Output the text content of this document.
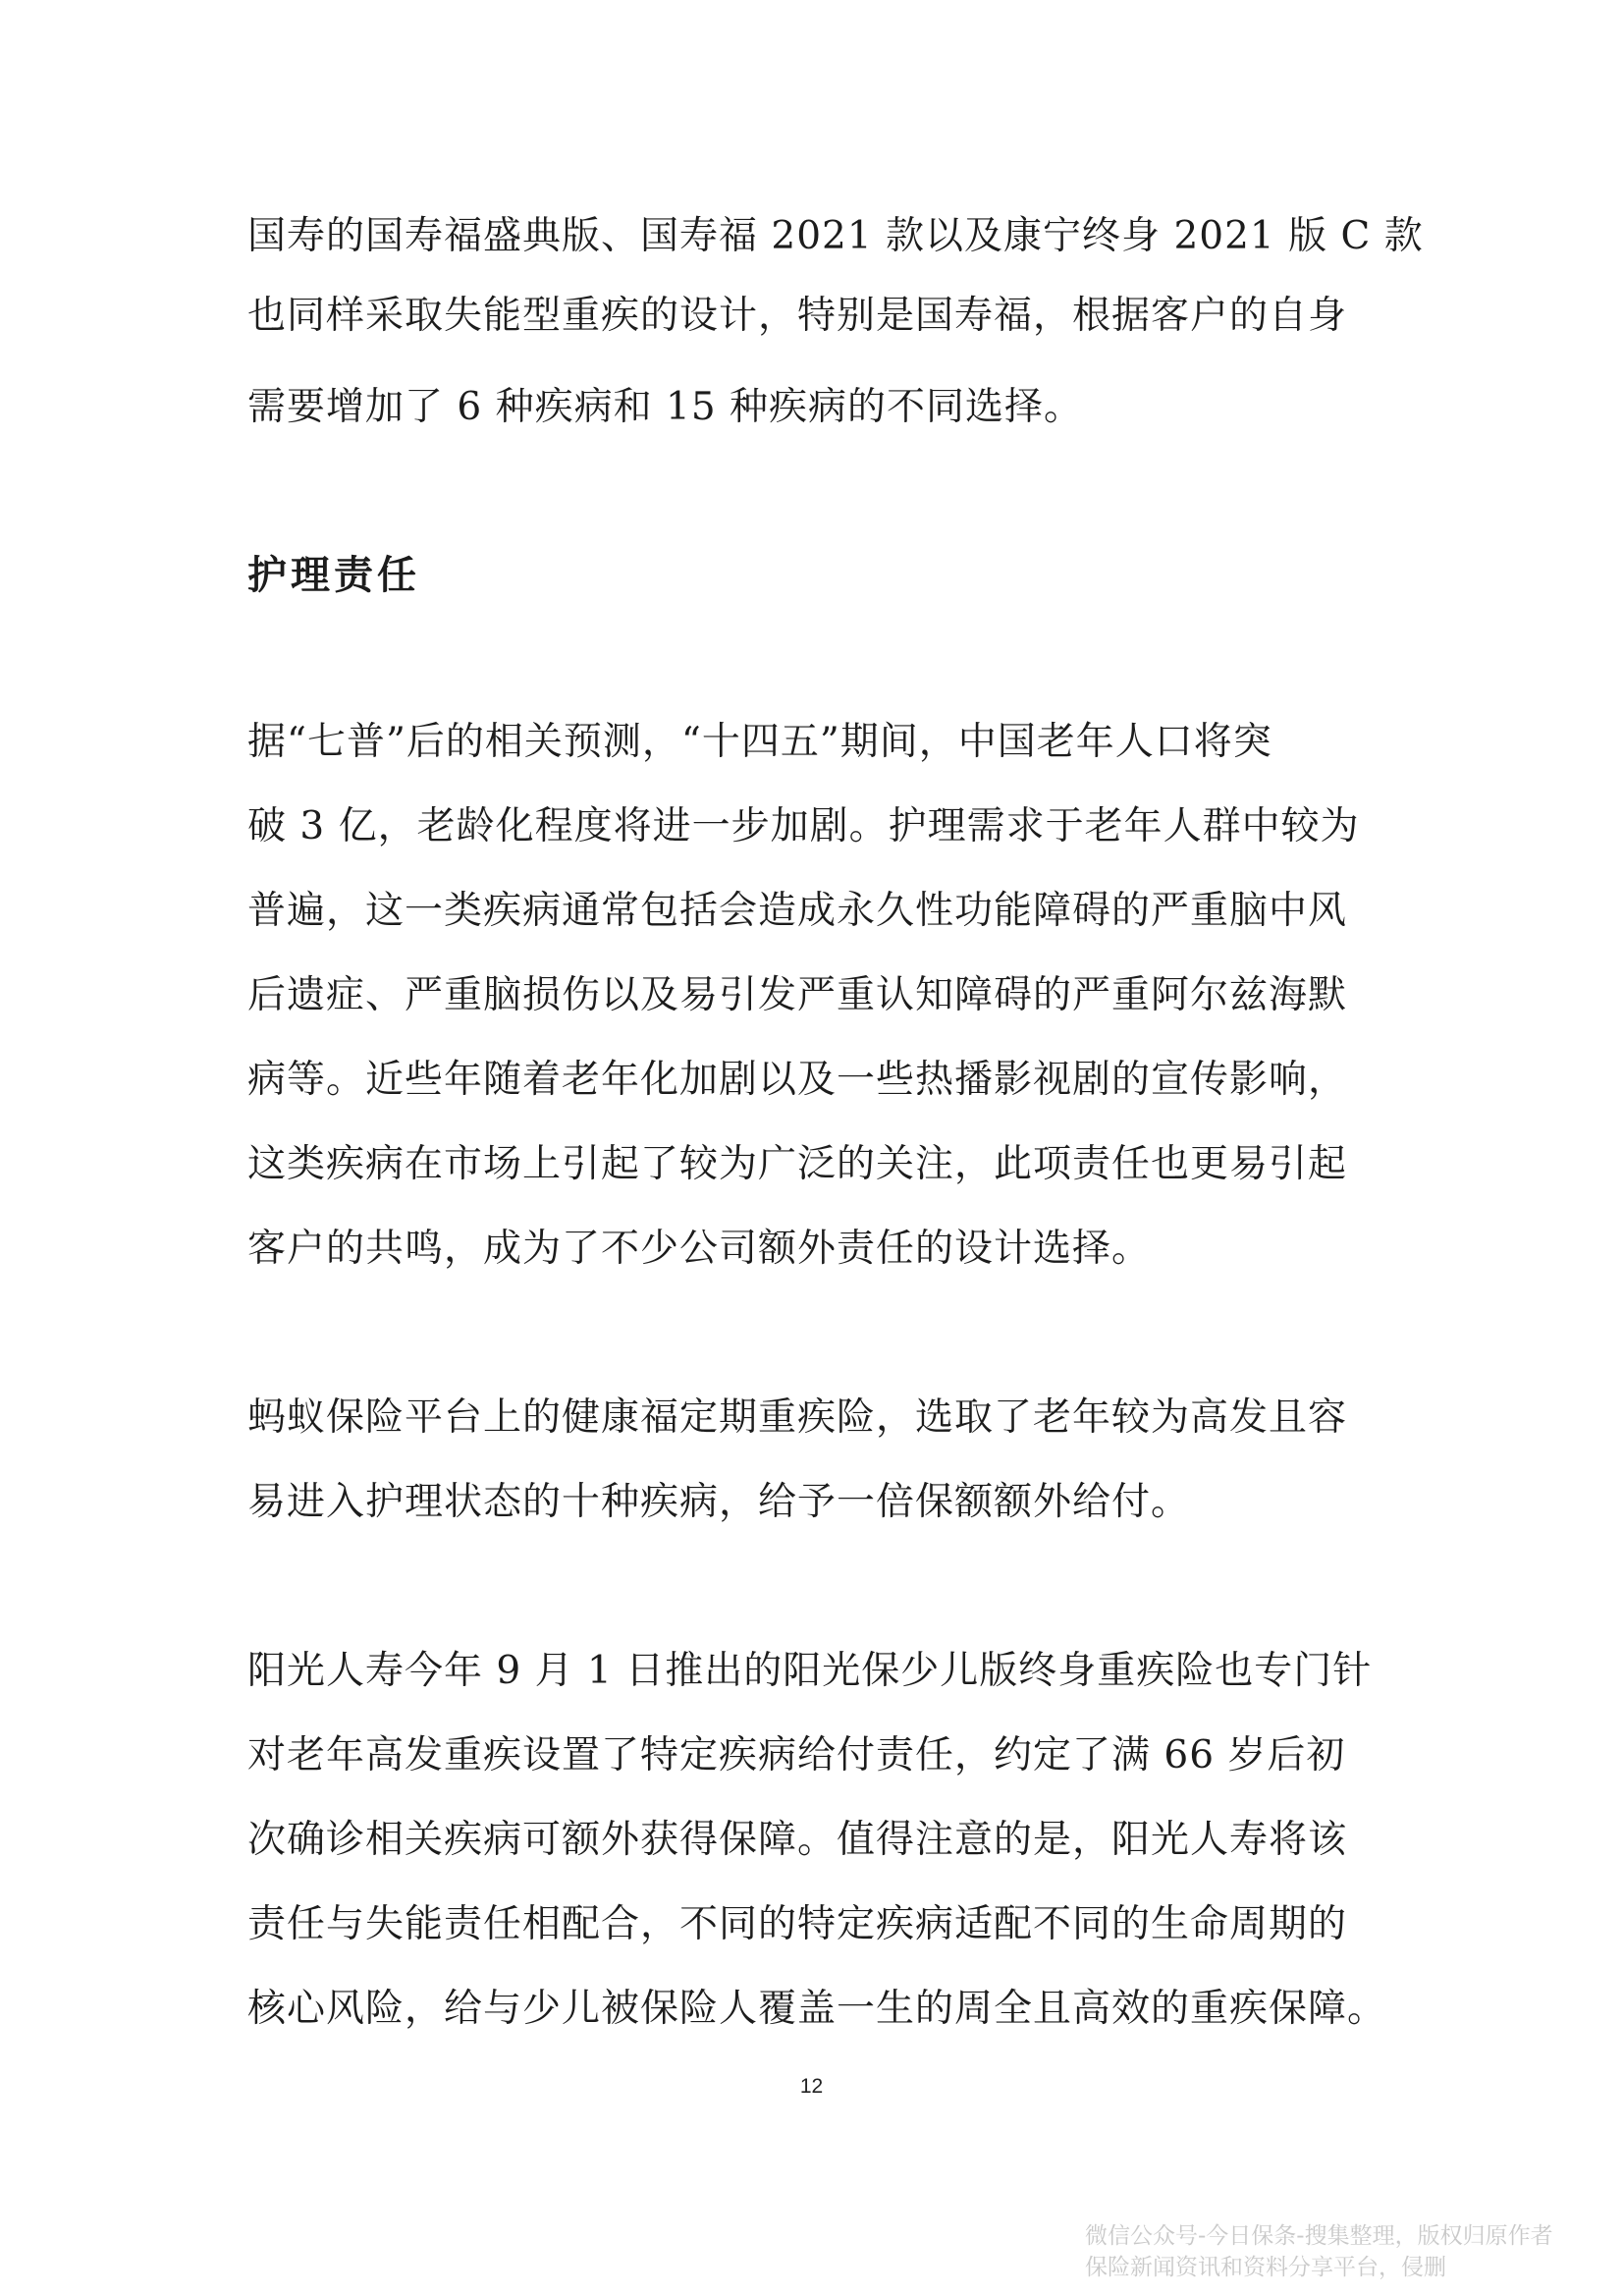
国寿的国寿福盛典版、国寿福 2021 款以及康宁终身 2021 版 C 款
也同样采取失能型重疾的设计，特别是国寿福，根据客户的自身
需要增加了 6 种疾病和 15 种疾病的不同选择。
护理责任
据“七普”后的相关预测，“十四五”期间，中国老年人口将突
破 3 亿，老龄化程度将进一步加剧。护理需求于老年人群中较为
普遍，这一类疾病通常包括会造成永久性功能障碍的严重脑中风
后遗症、严重脑损伤以及易引发严重认知障碍的严重阿尔兹海默
病等。近些年随着老年化加剧以及一些热播影视剧的宣传影响，
这类疾病在市场上引起了较为广泛的关注，此项责任也更易引起
客户的共鸣，成为了不少公司额外责任的设计选择。
蚂蚁保险平台上的健康福定期重疾险，选取了老年较为高发且容
易进入护理状态的十种疾病，给予一倍保额额外给付。
阳光人寿今年 9 月 1 日推出的阳光保少儿版终身重疾险也专门针
对老年高发重疾设置了特定疾病给付责任，约定了满 66 岁后初
次确诊相关疾病可额外获得保障。值得注意的是，阳光人寿将该
责任与失能责任相配合，不同的特定疾病适配不同的生命周期的
核心风险，给与少儿被保险人覆盖一生的周全且高效的重疾保障。
12
微信公众号-今日保条-搜集整理，版权归原作者
保险新闻资讯和资料分享平台，侵删
